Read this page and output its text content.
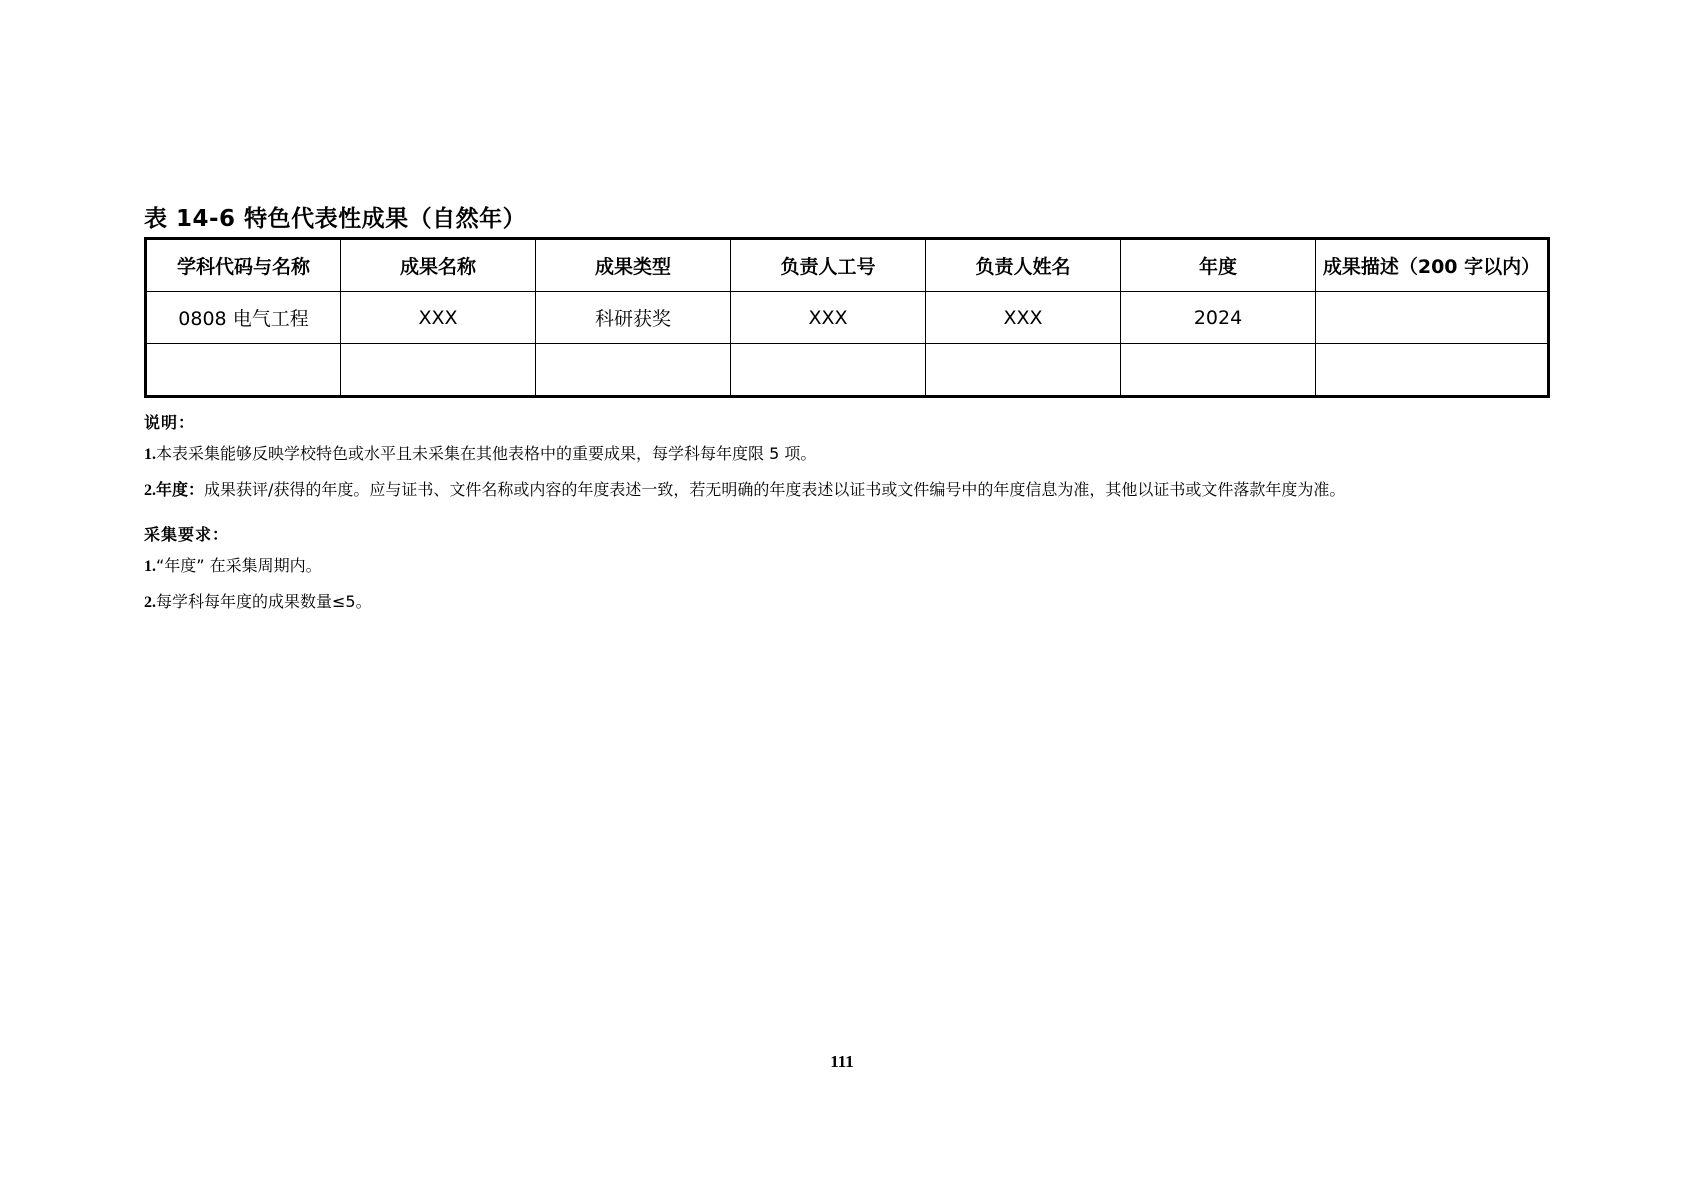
表 14-6 特色代表性成果（自然年）
学科代码与名称	成果名称	成果类型	负责人工号	负责人姓名	年度	成果描述（200 字以内）
0808 电气工程	XXX	科研获奖	XXX	XXX	2024	

说明：
1.本表采集能够反映学校特色或水平且未采集在其他表格中的重要成果，每学科每年度限 5 项。
2.年度：成果获评/获得的年度。应与证书、文件名称或内容的年度表述一致，若无明确的年度表述以证书或文件编号中的年度信息为准，其他以证书或文件落款年度为准。
采集要求：
1.“年度” 在采集周期内。
2.每学科每年度的成果数量≤5。
111
